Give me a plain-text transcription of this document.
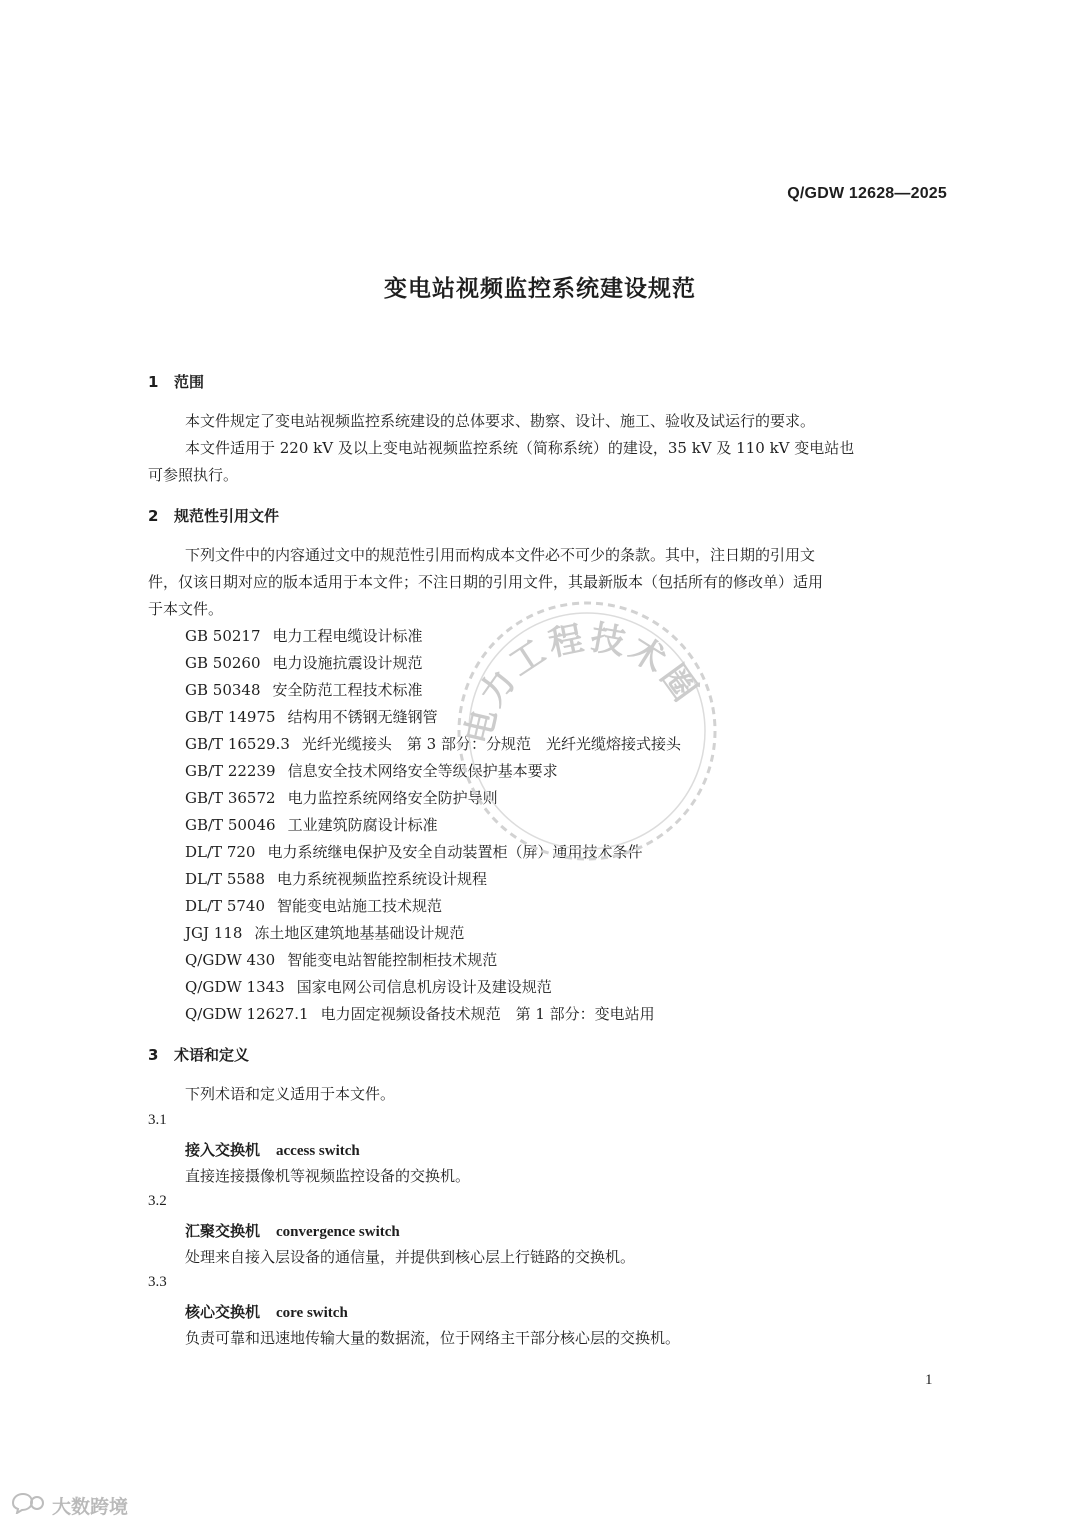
Q/GDW 12628—2025
变电站视频监控系统建设规范
1 范围
本文件规定了变电站视频监控系统建设的总体要求、勘察、设计、施工、验收及试运行的要求。
本文件适用于 220 kV 及以上变电站视频监控系统（简称系统）的建设，35 kV 及 110 kV 变电站也
可参照执行。
2 规范性引用文件
下列文件中的内容通过文中的规范性引用而构成本文件必不可少的条款。其中，注日期的引用文
件，仅该日期对应的版本适用于本文件；不注日期的引用文件，其最新版本（包括所有的修改单）适用
于本文件。
GB 50217 电力工程电缆设计标准
GB 50260 电力设施抗震设计规范
GB 50348 安全防范工程技术标准
GB/T 14975 结构用不锈钢无缝钢管
GB/T 16529.3 光纤光缆接头　第 3 部分：分规范　光纤光缆熔接式接头
GB/T 22239 信息安全技术网络安全等级保护基本要求
GB/T 36572 电力监控系统网络安全防护导则
GB/T 50046 工业建筑防腐设计标准
DL/T 720 电力系统继电保护及安全自动装置柜（屏）通用技术条件
DL/T 5588 电力系统视频监控系统设计规程
DL/T 5740 智能变电站施工技术规范
JGJ 118 冻土地区建筑地基基础设计规范
Q/GDW 430 智能变电站智能控制柜技术规范
Q/GDW 1343 国家电网公司信息机房设计及建设规范
Q/GDW 12627.1 电力固定视频设备技术规范　第 1 部分：变电站用
3 术语和定义
下列术语和定义适用于本文件。
3.1
接入交换机 access switch
直接连接摄像机等视频监控设备的交换机。
3.2
汇聚交换机 convergence switch
处理来自接入层设备的通信量，并提供到核心层上行链路的交换机。
3.3
核心交换机 core switch
负责可靠和迅速地传输大量的数据流，位于网络主干部分核心层的交换机。
1
电力工程技术圈
大数跨境
